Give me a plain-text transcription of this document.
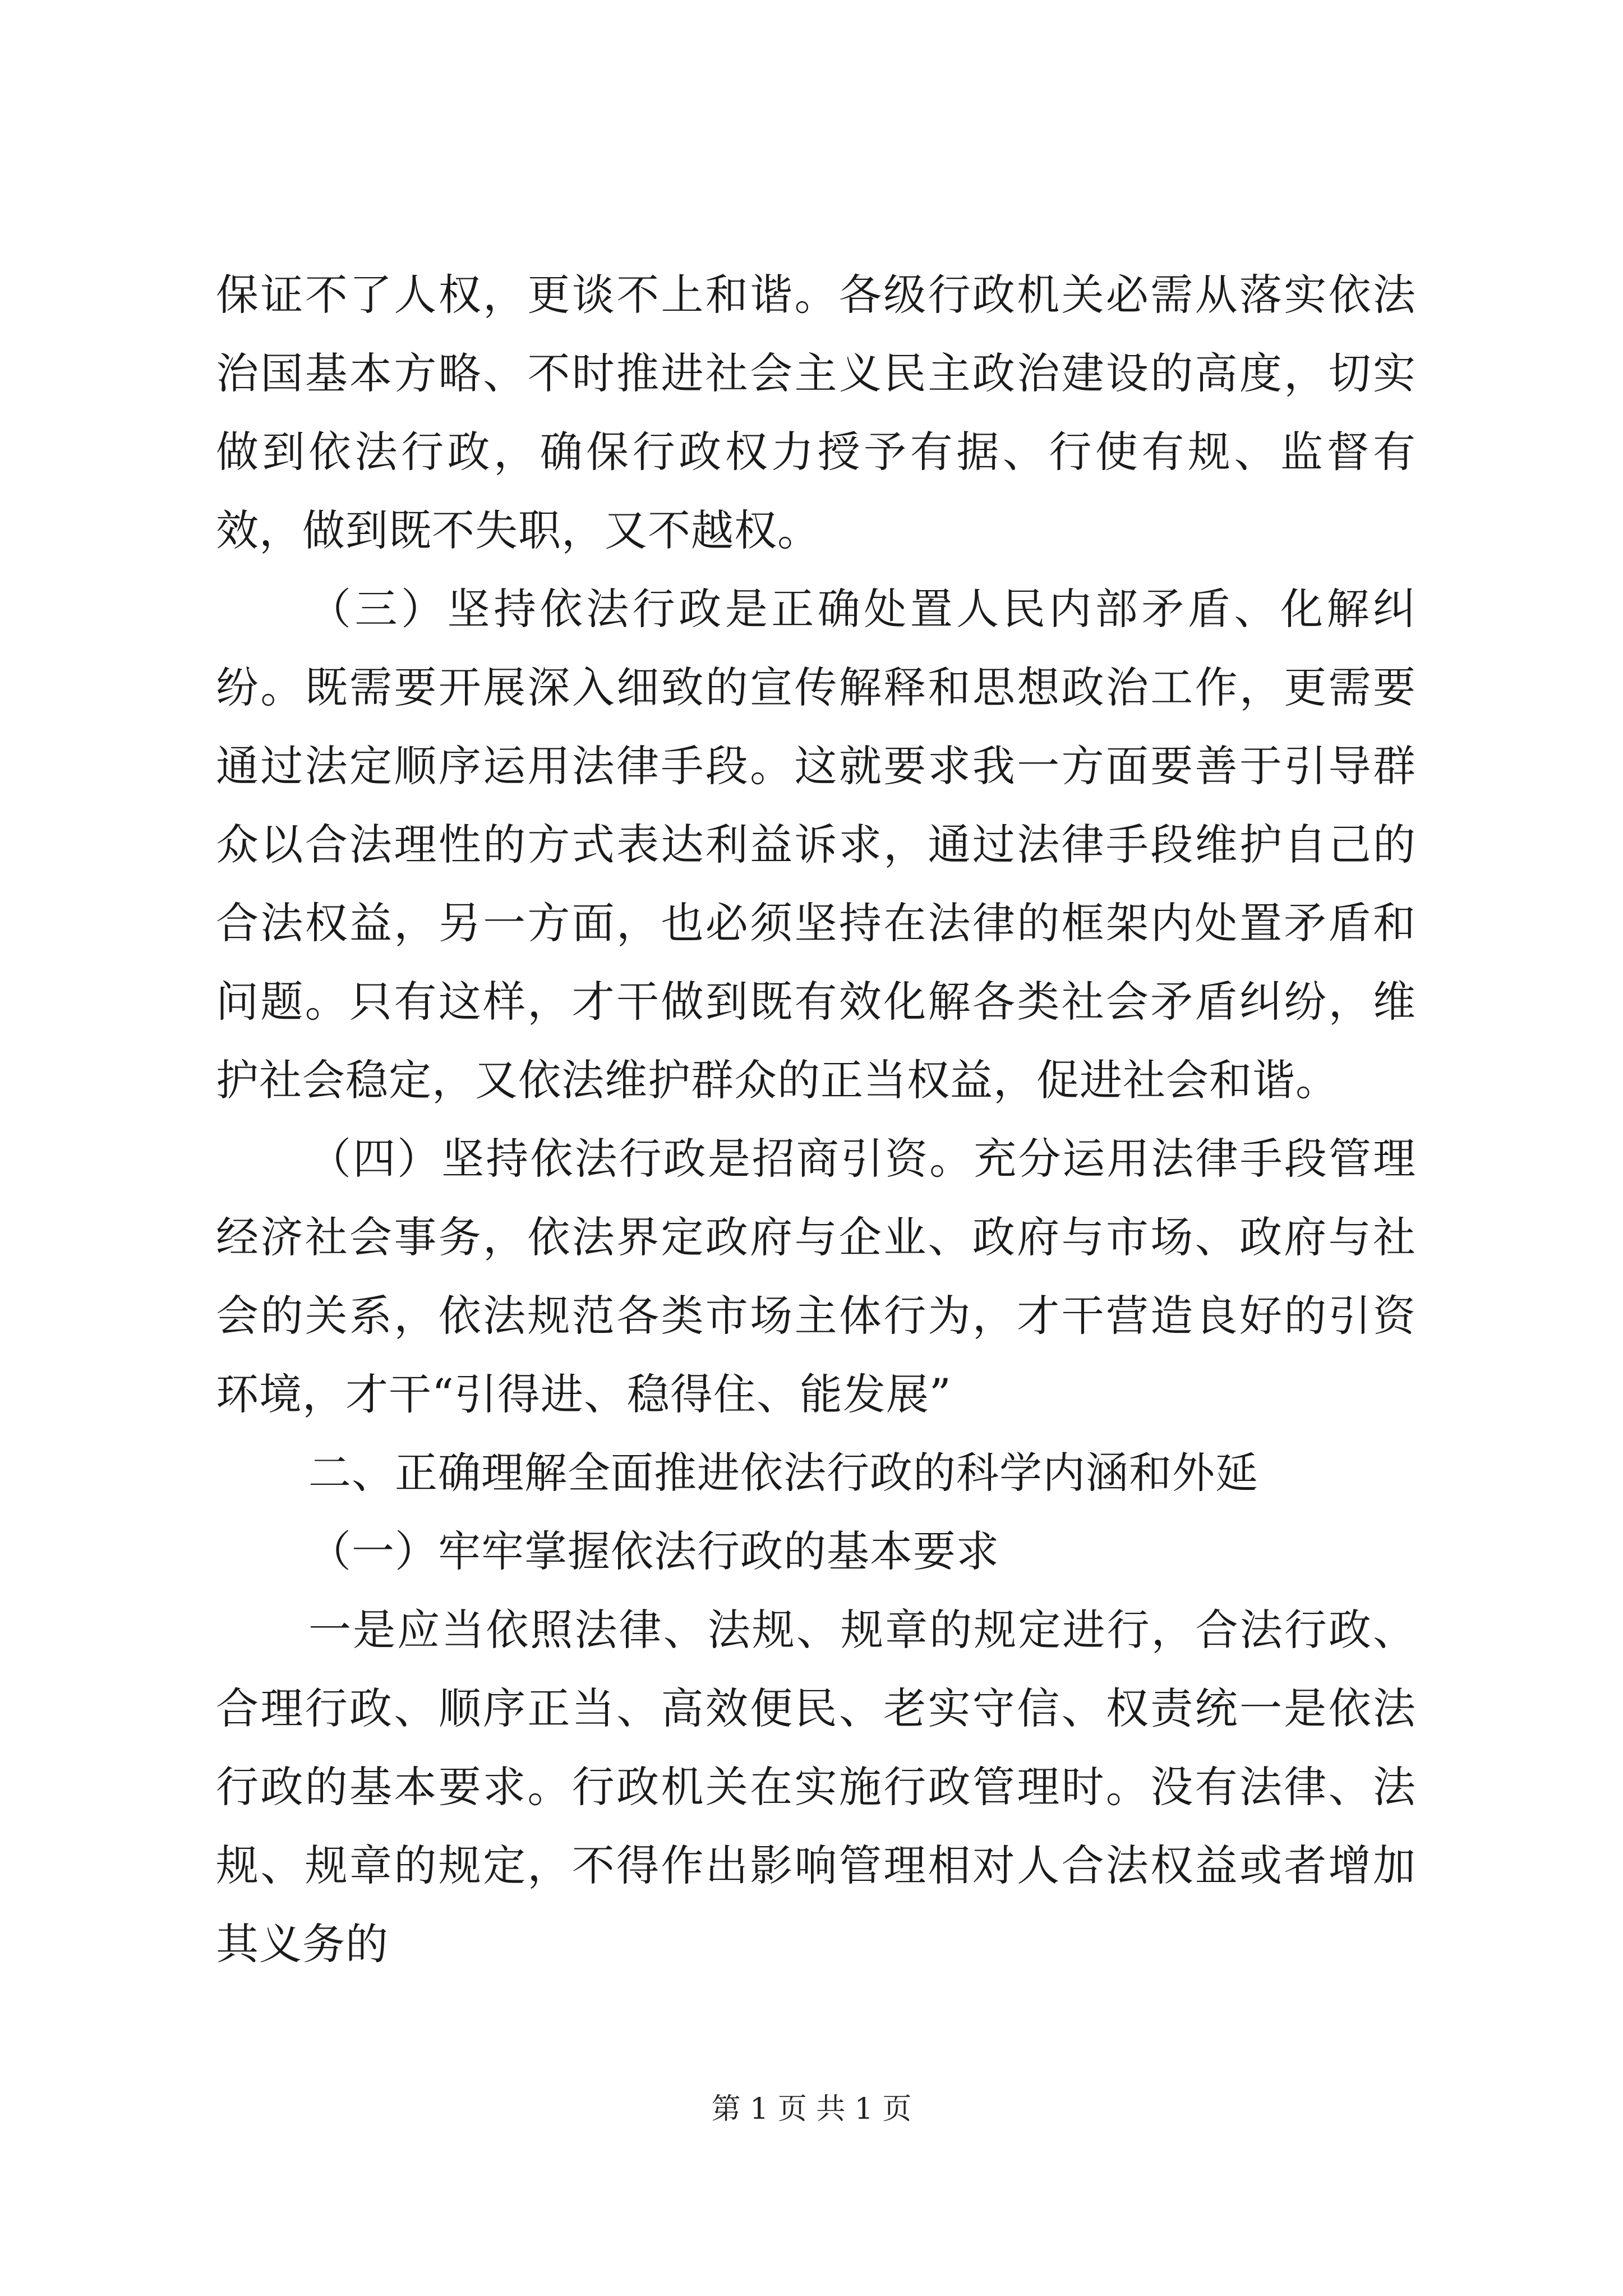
保证不了人权，更谈不上和谐。各级行政机关必需从落实依法治国基本方略、不时推进社会主义民主政治建设的高度，切实做到依法行政，确保行政权力授予有据、行使有规、监督有效，做到既不失职，又不越权。

（三）坚持依法行政是正确处置人民内部矛盾、化解纠纷。既需要开展深入细致的宣传解释和思想政治工作，更需要通过法定顺序运用法律手段。这就要求我一方面要善于引导群众以合法理性的方式表达利益诉求，通过法律手段维护自己的合法权益，另一方面，也必须坚持在法律的框架内处置矛盾和问题。只有这样，才干做到既有效化解各类社会矛盾纠纷，维护社会稳定，又依法维护群众的正当权益，促进社会和谐。

（四）坚持依法行政是招商引资。充分运用法律手段管理经济社会事务，依法界定政府与企业、政府与市场、政府与社会的关系，依法规范各类市场主体行为，才干营造良好的引资环境，才干“引得进、稳得住、能发展”

二、正确理解全面推进依法行政的科学内涵和外延

（一）牢牢掌握依法行政的基本要求

一是应当依照法律、法规、规章的规定进行，合法行政、合理行政、顺序正当、高效便民、老实守信、权责统一是依法行政的基本要求。行政机关在实施行政管理时。没有法律、法规、规章的规定，不得作出影响管理相对人合法权益或者增加其义务的

第 1 页 共 1 页
